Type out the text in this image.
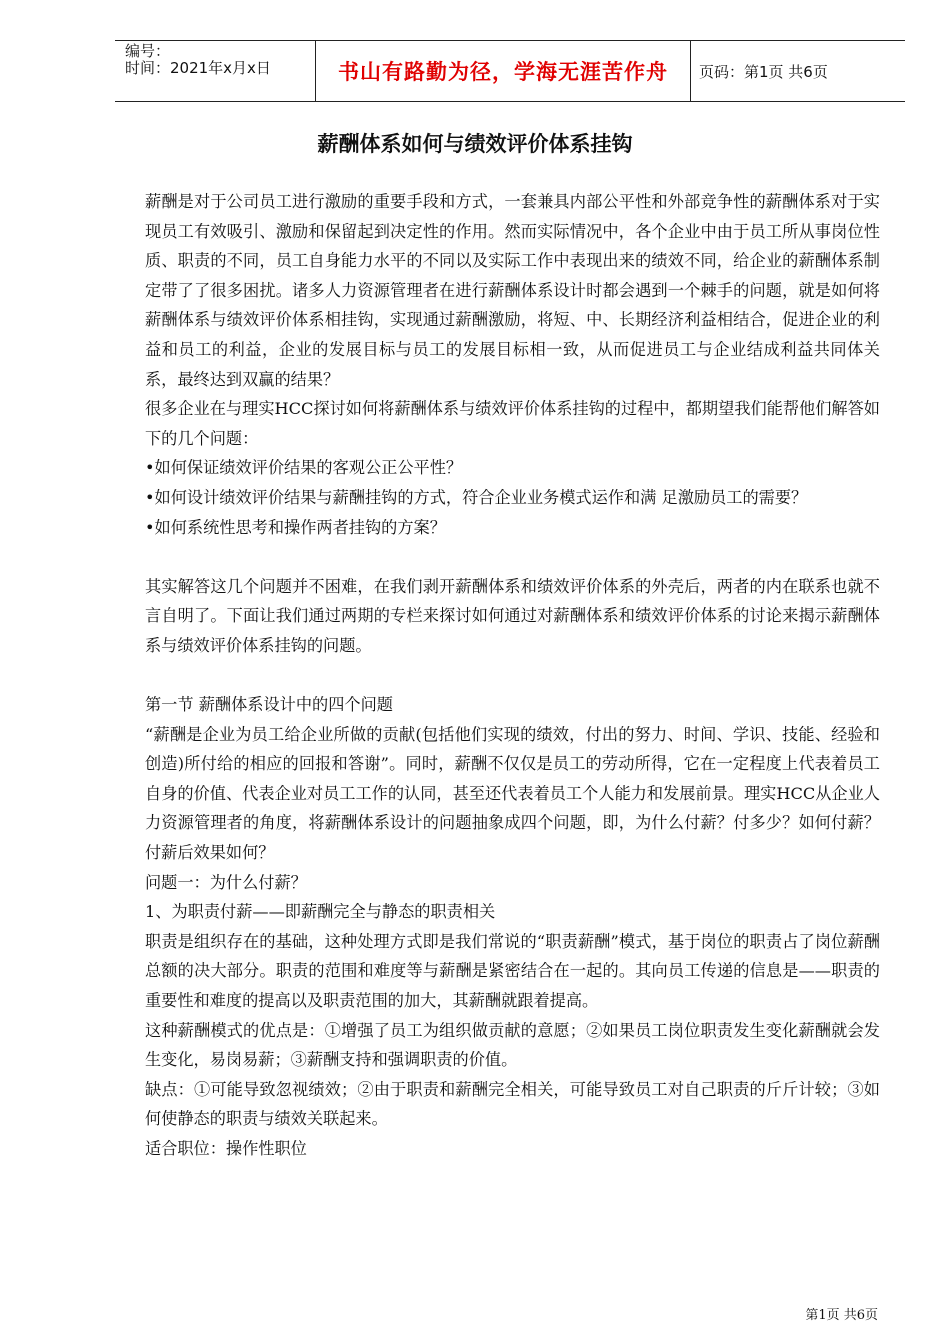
编号：
时间：2021年x月x日	书山有路勤为径，学海无涯苦作舟	页码：第1页 共6页
薪酬体系如何与绩效评价体系挂钩

薪酬是对于公司员工进行激励的重要手段和方式，一套兼具内部公平性和外部竞争性的薪酬体系对于实现员工有效吸引、激励和保留起到决定性的作用。然而实际情况中，各个企业中由于员工所从事岗位性质、职责的不同，员工自身能力水平的不同以及实际工作中表现出来的绩效不同，给企业的薪酬体系制定带了了很多困扰。诸多人力资源管理者在进行薪酬体系设计时都会遇到一个棘手的问题，就是如何将薪酬体系与绩效评价体系相挂钩，实现通过薪酬激励，将短、中、长期经济利益相结合，促进企业的利益和员工的利益，企业的发展目标与员工的发展目标相一致，从而促进员工与企业结成利益共同体关系，最终达到双赢的结果？

很多企业在与理实HCC探讨如何将薪酬体系与绩效评价体系挂钩的过程中，都期望我们能帮他们解答如下的几个问题：

•如何保证绩效评价结果的客观公正公平性？

•如何设计绩效评价结果与薪酬挂钩的方式，符合企业业务模式运作和满 足激励员工的需要？

•如何系统性思考和操作两者挂钩的方案？

其实解答这几个问题并不困难，在我们剥开薪酬体系和绩效评价体系的外壳后，两者的内在联系也就不言自明了。下面让我们通过两期的专栏来探讨如何通过对薪酬体系和绩效评价体系的讨论来揭示薪酬体系与绩效评价体系挂钩的问题。

第一节 薪酬体系设计中的四个问题

“薪酬是企业为员工给企业所做的贡献(包括他们实现的绩效，付出的努力、时间、学识、技能、经验和创造)所付给的相应的回报和答谢”。同时，薪酬不仅仅是员工的劳动所得，它在一定程度上代表着员工自身的价值、代表企业对员工工作的认同，甚至还代表着员工个人能力和发展前景。理实HCC从企业人力资源管理者的角度，将薪酬体系设计的问题抽象成四个问题，即，为什么付薪？付多少？如何付薪？付薪后效果如何？

问题一：为什么付薪？

1、为职责付薪——即薪酬完全与静态的职责相关

职责是组织存在的基础，这种处理方式即是我们常说的“职责薪酬”模式，基于岗位的职责占了岗位薪酬总额的决大部分。职责的范围和难度等与薪酬是紧密结合在一起的。其向员工传递的信息是——职责的重要性和难度的提高以及职责范围的加大，其薪酬就跟着提高。

这种薪酬模式的优点是：①增强了员工为组织做贡献的意愿；②如果员工岗位职责发生变化薪酬就会发生变化，易岗易薪；③薪酬支持和强调职责的价值。

缺点：①可能导致忽视绩效；②由于职责和薪酬完全相关，可能导致员工对自己职责的斤斤计较；③如何使静态的职责与绩效关联起来。

适合职位：操作性职位

第1页 共6页
